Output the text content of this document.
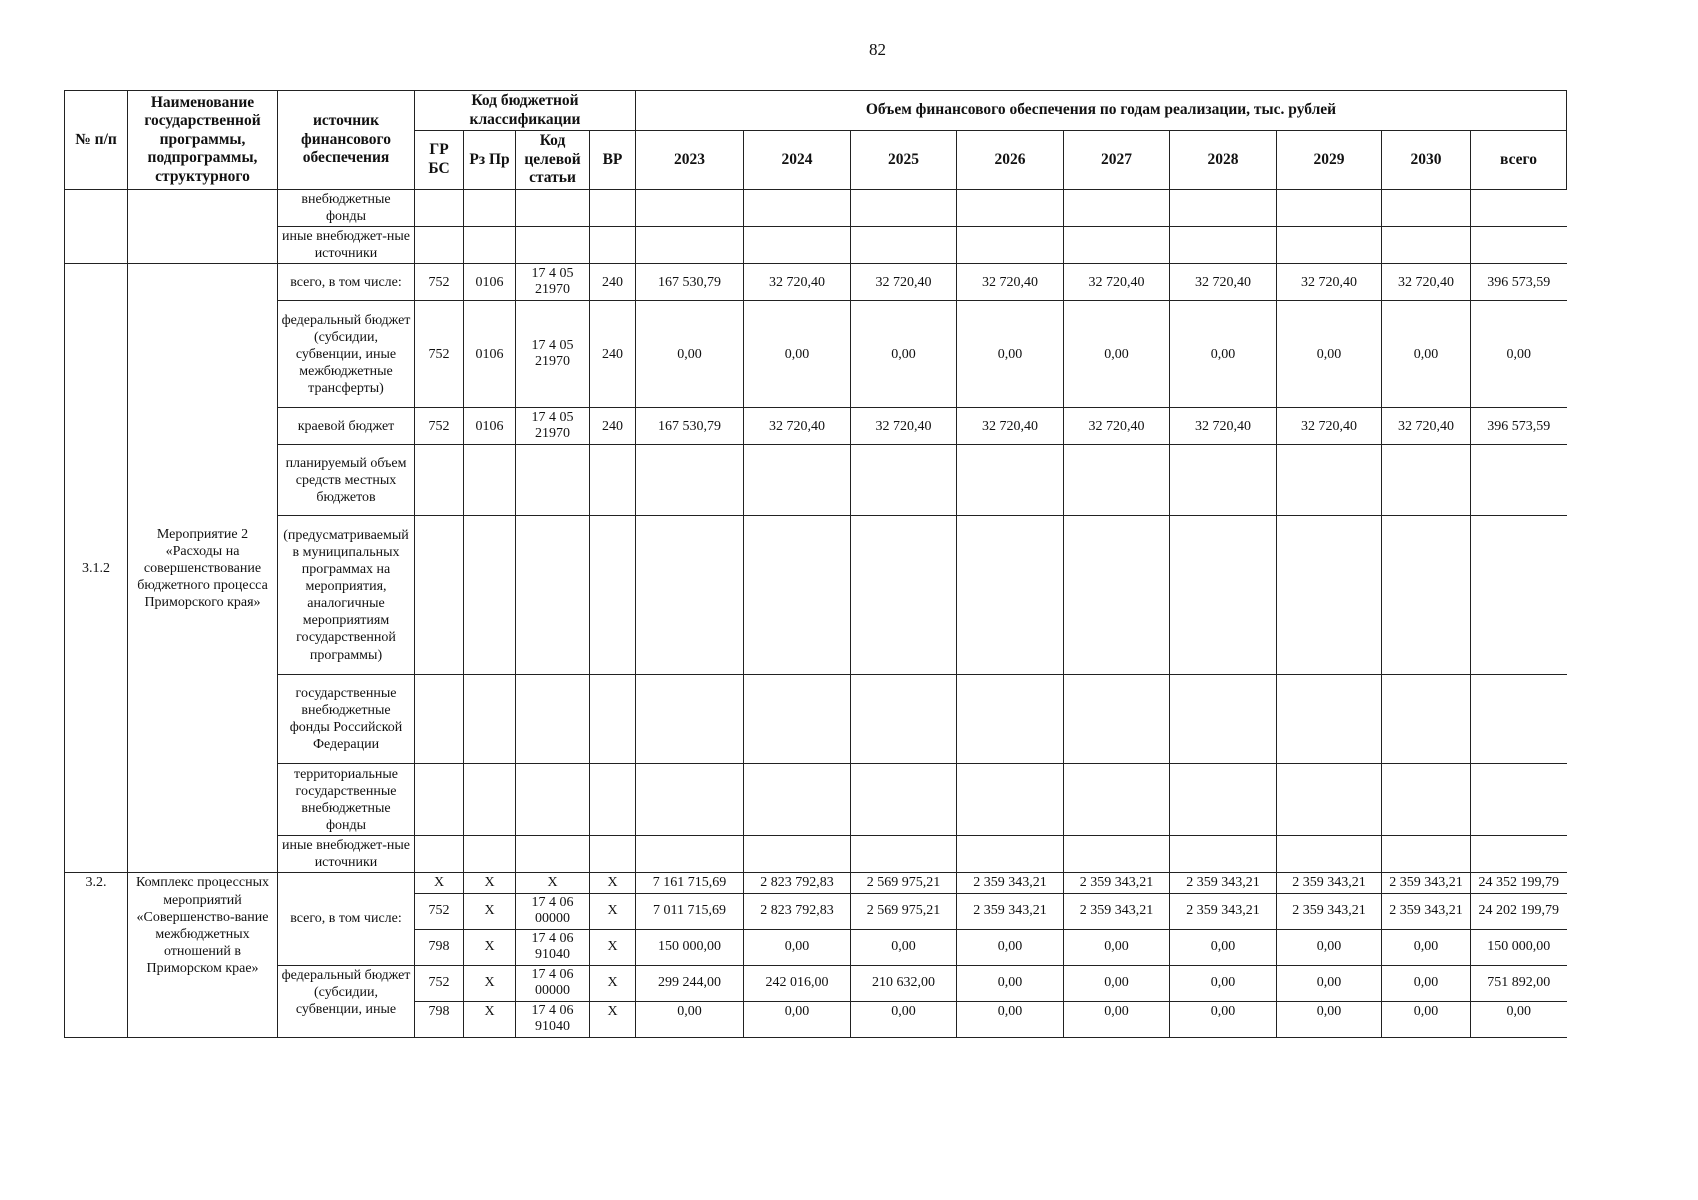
82
№ п/п	Наименование государственной программы, подпрограммы, структурного	источник финансового обеспечения	Код бюджетной классификации				Объем финансового обеспечения по годам реализации, тыс. рублей								
			ГР БС	Рз Пр	Код целевой статьи	ВР	2023	2024	2025	2026	2027	2028	2029	2030	всего
		внебюджетные фонды													
		иные внебюджет-ные источники													
3.1.2	Мероприятие 2 «Расходы на совершенствование бюджетного процесса Приморского края»	всего, в том числе:	752	0106	17 4 05 21970	240	167 530,79	32 720,40	32 720,40	32 720,40	32 720,40	32 720,40	32 720,40	32 720,40	396 573,59
		федеральный бюджет (субсидии, субвенции, иные межбюджетные трансферты)	752	0106	17 4 05 21970	240	0,00	0,00	0,00	0,00	0,00	0,00	0,00	0,00	0,00
		краевой бюджет	752	0106	17 4 05 21970	240	167 530,79	32 720,40	32 720,40	32 720,40	32 720,40	32 720,40	32 720,40	32 720,40	396 573,59
		планируемый объем средств местных бюджетов													
		(предусматриваемый в муниципальных программах на мероприятия, аналогичные мероприятиям государственной программы)													
		государственные внебюджетные фонды Российской Федерации													
		территориальные государственные внебюджетные фонды													
		иные внебюджет-ные источники													
3.2.	Комплекс процессных мероприятий «Совершенство-вание межбюджетных отношений в Приморском крае»	всего, в том числе:	X	X	X	X	7 161 715,69	2 823 792,83	2 569 975,21	2 359 343,21	2 359 343,21	2 359 343,21	2 359 343,21	2 359 343,21	24 352 199,79
			752	X	17 4 06 00000	X	7 011 715,69	2 823 792,83	2 569 975,21	2 359 343,21	2 359 343,21	2 359 343,21	2 359 343,21	2 359 343,21	24 202 199,79
			798	X	17 4 06 91040	X	150 000,00	0,00	0,00	0,00	0,00	0,00	0,00	0,00	150 000,00
		федеральный бюджет (субсидии, субвенции, иные	752	X	17 4 06 00000	X	299 244,00	242 016,00	210 632,00	0,00	0,00	0,00	0,00	0,00	751 892,00
			798	X	17 4 06 91040	X	0,00	0,00	0,00	0,00	0,00	0,00	0,00	0,00	0,00
